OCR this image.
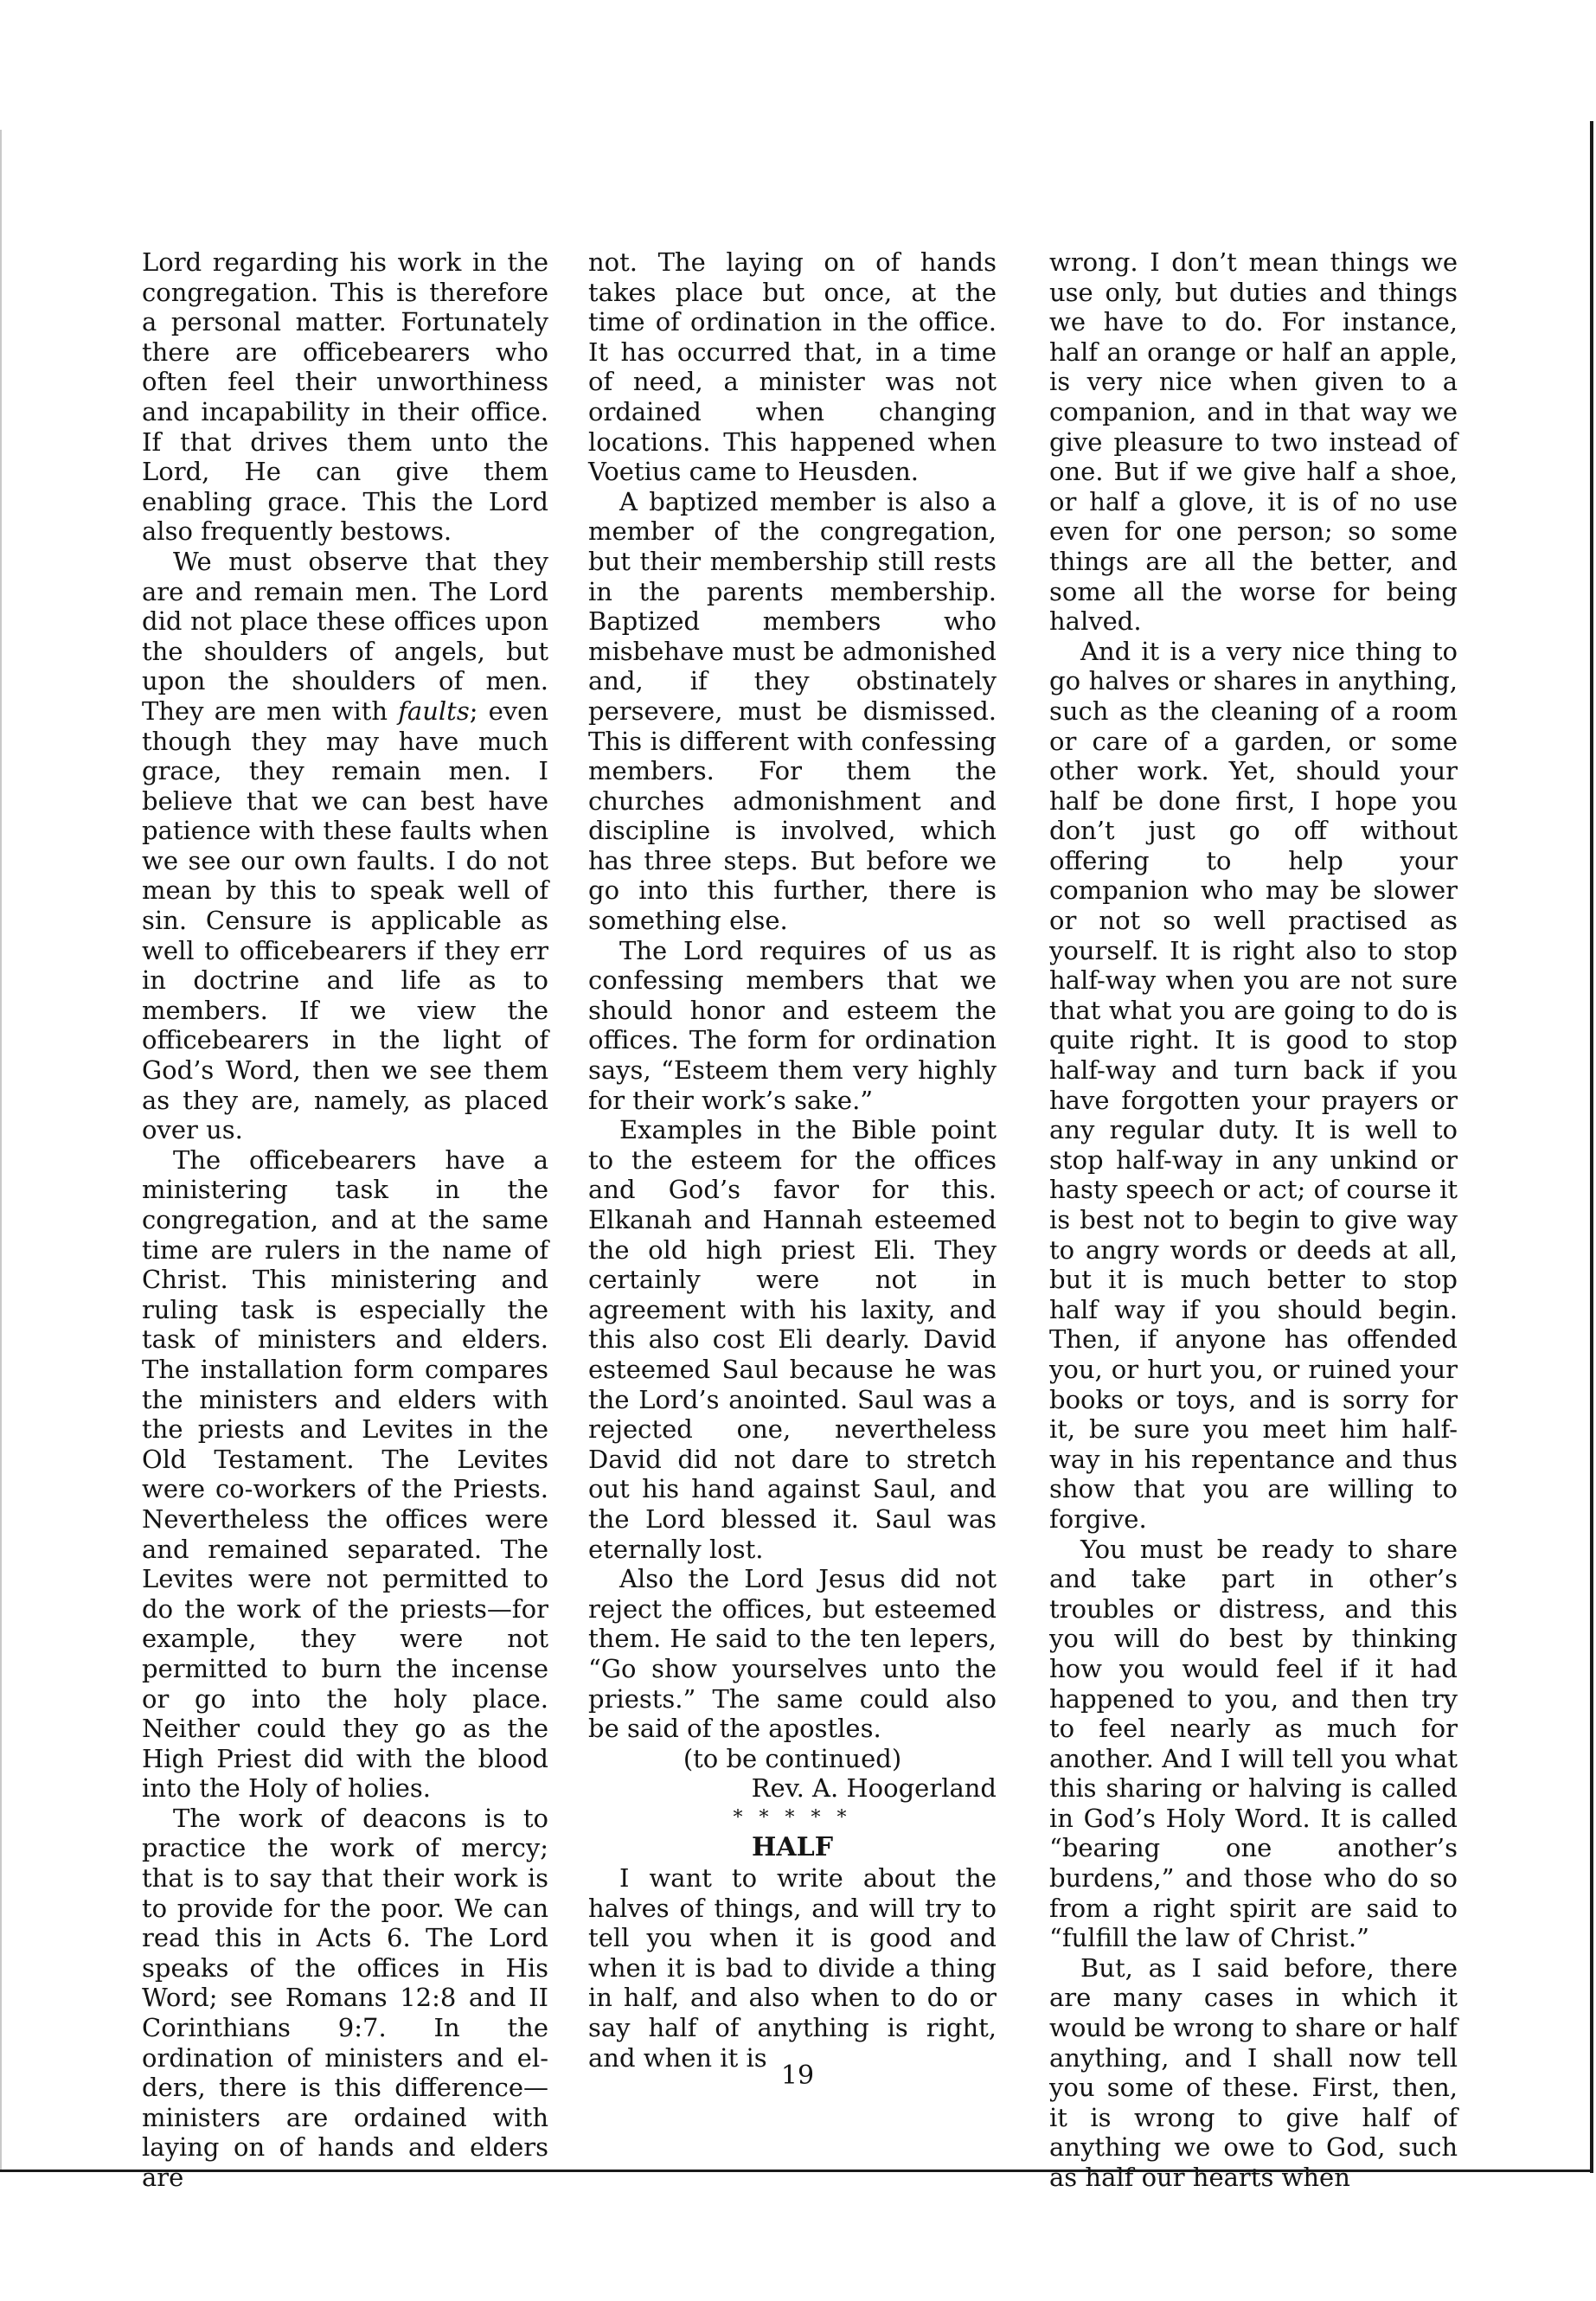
Lord regarding his work in the congregation. This is therefore a personal matter. Fortunately there are officebearers who often feel their unworthiness and incapability in their office. If that drives them unto the Lord, He can give them enabling grace. This the Lord also frequently bestows.

We must observe that they are and remain men. The Lord did not place these offices upon the shoulders of angels, but upon the shoulders of men. They are men with faults; even though they may have much grace, they remain men. I believe that we can best have patience with these faults when we see our own faults. I do not mean by this to speak well of sin. Censure is applicable as well to officebearers if they err in doctrine and life as to members. If we view the officebearers in the light of God’s Word, then we see them as they are, namely, as placed over us.

The officebearers have a ministering task in the congregation, and at the same time are rulers in the name of Christ. This ministering and ruling task is especially the task of ministers and elders. The installation form compares the ministers and elders with the priests and Levites in the Old Testament. The Levites were co-workers of the Priests. Nevertheless the offices were and remained separated. The Levites were not permitted to do the work of the priests—for example, they were not permitted to burn the incense or go into the holy place. Neither could they go as the High Priest did with the blood into the Holy of holies.

The work of deacons is to practice the work of mercy; that is to say that their work is to provide for the poor. We can read this in Acts 6. The Lord speaks of the offices in His Word; see Romans 12:8 and II Corinthians 9:7. In the ordination of ministers and elders, there is this difference— ministers are ordained with laying on of hands and elders are

not. The laying on of hands takes place but once, at the time of ordination in the office. It has occurred that, in a time of need, a minister was not ordained when changing locations. This happened when Voetius came to Heusden.

A baptized member is also a member of the congregation, but their membership still rests in the parents membership. Baptized members who misbehave must be admonished and, if they obstinately persevere, must be dismissed. This is different with confessing members. For them the churches admonishment and discipline is involved, which has three steps. But before we go into this further, there is something else.

The Lord requires of us as confessing members that we should honor and esteem the offices. The form for ordination says, “Esteem them very highly for their work’s sake.”

Examples in the Bible point to the esteem for the offices and God’s favor for this. Elkanah and Hannah esteemed the old high priest Eli. They certainly were not in agreement with his laxity, and this also cost Eli dearly. David esteemed Saul because he was the Lord’s anointed. Saul was a rejected one, nevertheless David did not dare to stretch out his hand against Saul, and the Lord blessed it. Saul was eternally lost.

Also the Lord Jesus did not reject the offices, but esteemed them. He said to the ten lepers, “Go show yourselves unto the priests.” The same could also be said of the apostles.

(to be continued)

Rev. A. Hoogerland

* * * * *

HALF

I want to write about the halves of things, and will try to tell you when it is good and when it is bad to divide a thing in half, and also when to do or say half of anything is right, and when it is

wrong. I don’t mean things we use only, but duties and things we have to do. For instance, half an orange or half an apple, is very nice when given to a companion, and in that way we give pleasure to two instead of one. But if we give half a shoe, or half a glove, it is of no use even for one person; so some things are all the better, and some all the worse for being halved.

And it is a very nice thing to go halves or shares in anything, such as the cleaning of a room or care of a garden, or some other work. Yet, should your half be done first, I hope you don’t just go off without offering to help your companion who may be slower or not so well practised as yourself. It is right also to stop half-way when you are not sure that what you are going to do is quite right. It is good to stop half-way and turn back if you have forgotten your prayers or any regular duty. It is well to stop half-way in any unkind or hasty speech or act; of course it is best not to begin to give way to angry words or deeds at all, but it is much better to stop half way if you should begin. Then, if anyone has offended you, or hurt you, or ruined your books or toys, and is sorry for it, be sure you meet him half-way in his repentance and thus show that you are willing to forgive.

You must be ready to share and take part in other’s troubles or distress, and this you will do best by thinking how you would feel if it had happened to you, and then try to feel nearly as much for another. And I will tell you what this sharing or halving is called in God’s Holy Word. It is called “bearing one another’s burdens,” and those who do so from a right spirit are said to “fulfill the law of Christ.”

But, as I said before, there are many cases in which it would be wrong to share or half anything, and I shall now tell you some of these. First, then, it is wrong to give half of anything we owe to God, such as half our hearts when

19
